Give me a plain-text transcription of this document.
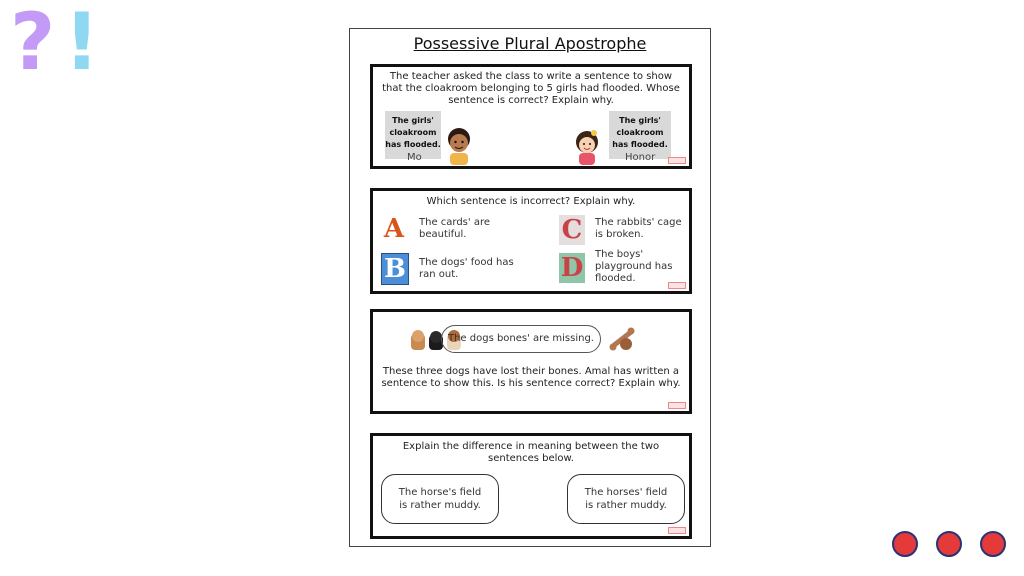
? !	Possessive Plural Apostrophe
The teacher asked the class to write a sentence to show that the cloakroom belonging to 5 girls had flooded. Whose sentence is correct? Explain why.
The girls' cloakroom has flooded.
Mo
The girls' cloakroom has flooded.
Honor
Which sentence is incorrect? Explain why.
A The cards' are beautiful.
B	The dogs' food has ran out.
C The rabbits' cage is broken.
D The boys' playground has flooded.
The dogs bones' are missing.
These three dogs have lost their bones. Amal has written a sentence to show this. Is his sentence correct? Explain why.
Explain the difference in meaning between the two sentences below.
The horse's field is rather muddy.
The horses' field is rather muddy.
